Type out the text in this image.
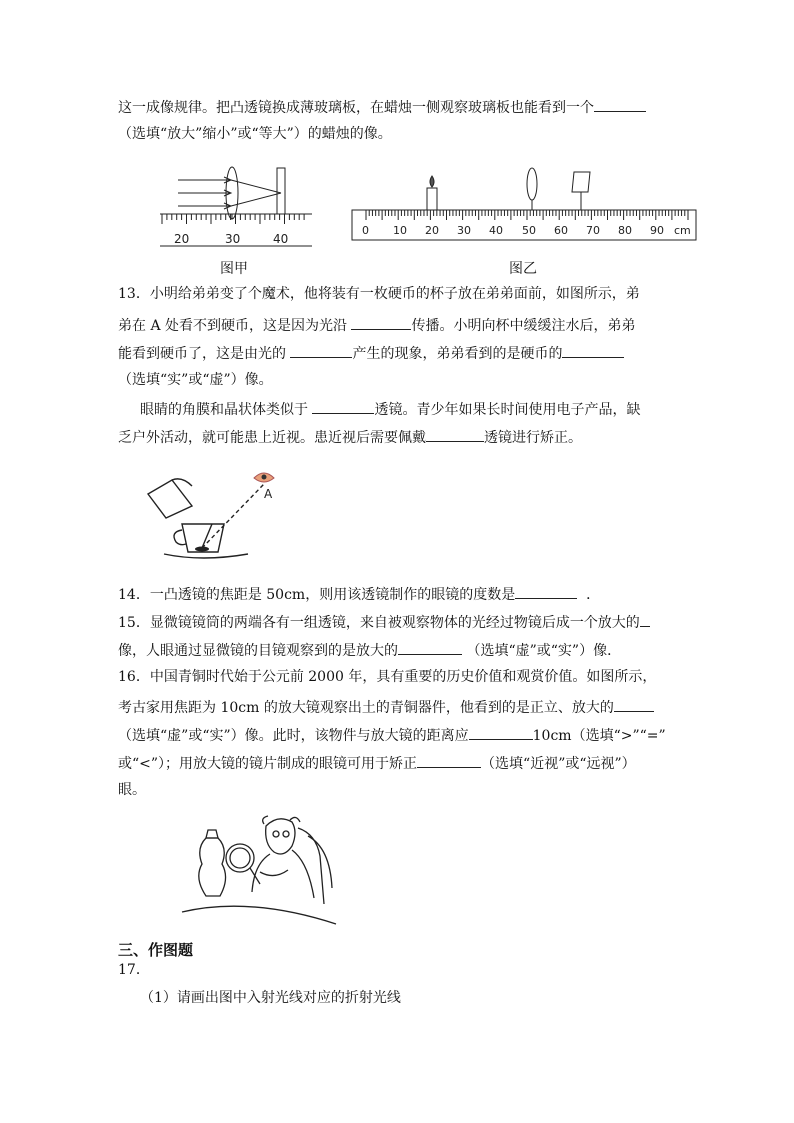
这一成像规律。把凸透镜换成薄玻璃板，在蜡烛一侧观察玻璃板也能看到一个
（选填“放大”缩小”或“等大”）的蜡烛的像。
20	30	40
图甲
0 10 20 30 40 50 60 70 80 90 cm
图乙
13．小明给弟弟变了个魔术，他将装有一枚硬币的杯子放在弟弟面前，如图所示，弟
弟在 A 处看不到硬币，这是因为光沿	传播。小明向杯中缓缓注水后，弟弟
能看到硬币了，这是由光的	产生的现象，弟弟看到的是硬币的
（选填“实”或“虚”）像。
眼睛的角膜和晶状体类似于	透镜。青少年如果长时间使用电子产品，缺
乏户外活动，就可能患上近视。患近视后需要佩戴	透镜进行矫正。
A
14．一凸透镜的焦距是 50cm，则用该透镜制作的眼镜的度数是	．
15．显微镜镜筒的两端各有一组透镜，来自被观察物体的光经过物镜后成一个放大的
像，人眼通过显微镜的目镜观察到的是放大的	（选填“虚”或“实”）像．
16．中国青铜时代始于公元前 2000 年，具有重要的历史价值和观赏价值。如图所示，
考古家用焦距为 10cm 的放大镜观察出土的青铜器件，他看到的是正立、放大的
（选填“虚”或“实”）像。此时，该物件与放大镜的距离应	10cm（选填“>”“=”
或“<”）；用放大镜的镜片制成的眼镜可用于矫正	（选填“近视”或“远视”）
眼。
三、作图题
17．
（1）请画出图中入射光线对应的折射光线
